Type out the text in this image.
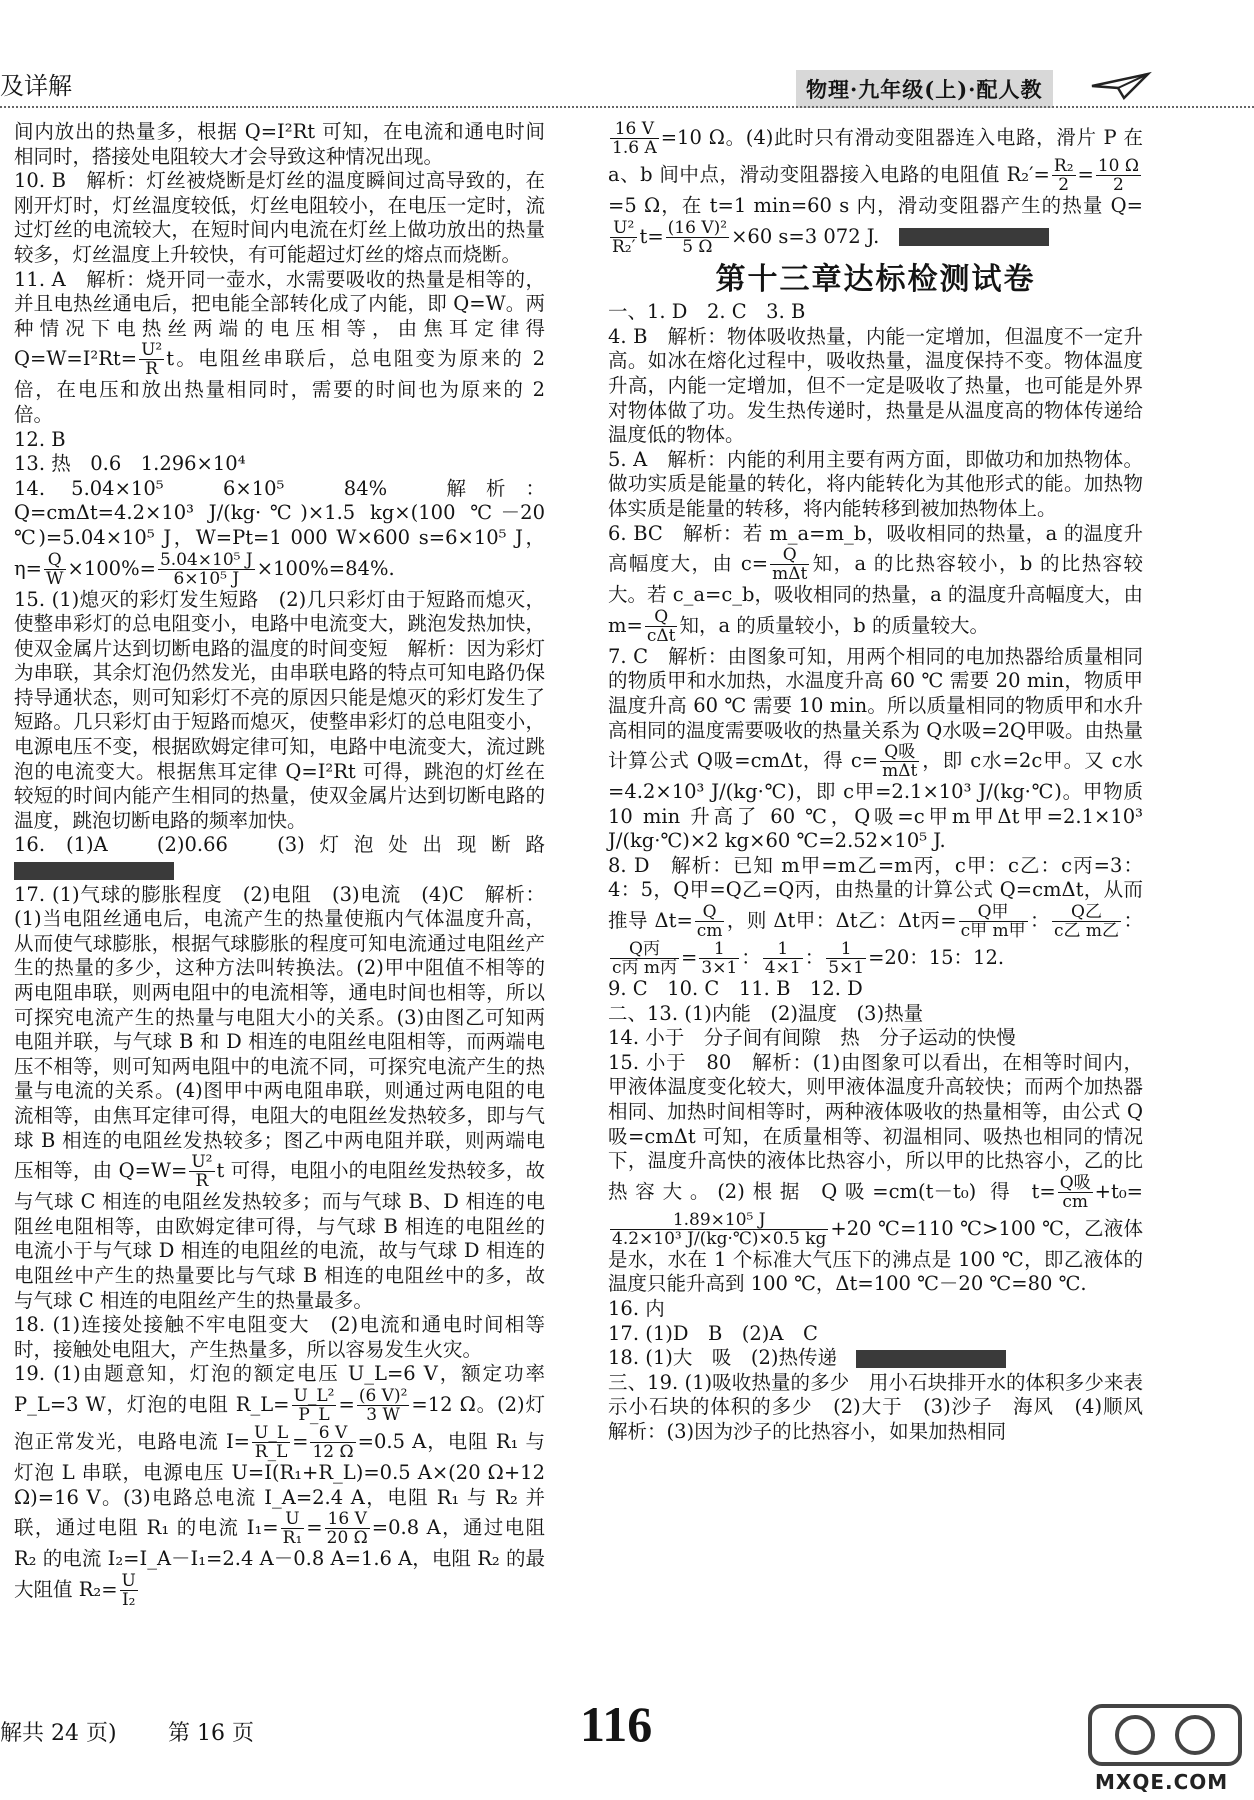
及详解	物理·九年级(上)·配人教

间内放出的热量多，根据 Q=I²Rt 可知，在电流和通电时间相同时，搭接处电阻较大才会导致这种情况出现。

10. B　解析：灯丝被烧断是灯丝的温度瞬间过高导致的，在刚开灯时，灯丝温度较低，灯丝电阻较小，在电压一定时，流过灯丝的电流较大，在短时间内电流在灯丝上做功放出的热量较多，灯丝温度上升较快，有可能超过灯丝的熔点而烧断。

11. A　解析：烧开同一壶水，水需要吸收的热量是相等的，并且电热丝通电后，把电能全部转化成了内能，即 Q=W。两种情况下电热丝两端的电压相等，由焦耳定律得 $Q=W=I^2Rt= \frac{\text{U²}}{R}$ t。电阻丝串联后，总电阻变为原来的 2 倍，在电压和放出热量相同时，需要的时间也为原来的 2 倍。

12. B

13. 热　0.6　1.296×10⁴

14. 5.04×10⁵　6×10⁵　84%　解析：Q=cmΔt=4.2×10³ J/(kg·℃)×1.5 kg×(100 ℃－20 ℃)=5.04×10⁵ J，W=Pt=1 000 W×600 s=6×10⁵ J，$\eta= \frac{Q}{W} \times 100\%= \frac{\text{5.04×10⁵ J}}{\text{6×10⁵ J}} \times 100\%=84\%$.

15. (1)熄灭的彩灯发生短路　(2)几只彩灯由于短路而熄灭，使整串彩灯的总电阻变小，电路中电流变大，跳泡发热加快，使双金属片达到切断电路的温度的时间变短　解析：因为彩灯为串联，其余灯泡仍然发光，由串联电路的特点可知电路仍保持导通状态，则可知彩灯不亮的原因只能是熄灭的彩灯发生了短路。几只彩灯由于短路而熄灭，使整串彩灯的总电阻变小，电源电压不变，根据欧姆定律可知，电路中电流变大，流过跳泡的电流变大。根据焦耳定律 Q=I²Rt 可得，跳泡的灯丝在较短的时间内能产生相同的热量，使双金属片达到切断电路的温度，跳泡切断电路的频率加快。

16. (1)A　(2)0.66　(3)灯泡处出现断路　

17. (1)气球的膨胀程度　(2)电阻　(3)电流　(4)C　解析：(1)当电阻丝通电后，电流产生的热量使瓶内气体温度升高，从而使气球膨胀，根据气球膨胀的程度可知电流通过电阻丝产生的热量的多少，这种方法叫转换法。(2)甲中阻值不相等的两电阻串联，则两电阻中的电流相等，通电时间也相等，所以可探究电流产生的热量与电阻大小的关系。(3)由图乙可知两电阻并联，与气球 B 和 D 相连的电阻丝电阻相等，而两端电压不相等，则可知两电阻中的电流不同，可探究电流产生的热量与电流的关系。(4)图甲中两电阻串联，则通过两电阻的电流相等，由焦耳定律可得，电阻大的电阻丝发热较多，即与气球 B 相连的电阻丝发热较多；图乙中两电阻并联，则两端电压相等，由 $Q=W= \frac{\text{U²}}{R}$ t 可得，电阻小的电阻丝发热较多，故与气球 C 相连的电阻丝发热较多；而与气球 B、D 相连的电阻丝电阻相等，由欧姆定律可得，与气球 B 相连的电阻丝的电流小于与气球 D 相连的电阻丝的电流，故与气球 D 相连的电阻丝中产生的热量要比与气球 B 相连的电阻丝中的多，故与气球 C 相连的电阻丝产生的热量最多。

18. (1)连接处接触不牢电阻变大　(2)电流和通电时间相等时，接触处电阻大，产生热量多，所以容易发生火灾。

19. (1)由题意知，灯泡的额定电压 U_L=6 V，额定功率 P_L=3 W，灯泡的电阻 R_L= $\frac{\text{U\_L²}}{P\_L} = \frac{\text{(6 V)²}}{3 W} =12$ Ω。(2)灯泡正常发光，电路电流 $I= \frac{U\_L}{R\_L} = \frac{6 V}{12 \Omega} =0.5$ A，电阻 R₁ 与灯泡 L 串联，电源电压 U=I(R₁+R_L)=0.5 A×(20 Ω+12 Ω)=16 V。(3)电路总电流 I_A=2.4 A，电阻 R₁ 与 R₂ 并联，通过电阻 R₁ 的电流 $I_1= \frac{U}{\text{R₁}} = \frac{16 V}{20 \Omega} =0.8$ A，通过电阻 R₂ 的电流 I₂=I_A－I₁=2.4 A－0.8 A=1.6 A，电阻 R₂ 的最大阻值 $R_2= \frac{U}{\text{I₂}}$

$\frac{16 V}{1.6 A} =10$ Ω。(4)此时只有滑动变阻器连入电路，滑片 P 在 a、b 间中点，滑动变阻器接入电路的电阻值 $R_2'= \frac{\text{R₂}}{2} = \frac{10 \Omega}{2}$
=5 Ω，在 t=1 min=60 s 内，滑动变阻器产生的热量 Q=
$\frac{\text{U²}}{\text{R₂′}} t= \frac{\text{(16 V)²}}{5 \Omega} \times 60$ s=3 072 J.　

第十三章达标检测试卷

一、1. D　2. C　3. B

4. B　解析：物体吸收热量，内能一定增加，但温度不一定升高。如冰在熔化过程中，吸收热量，温度保持不变。物体温度升高，内能一定增加，但不一定是吸收了热量，也可能是外界对物体做了功。发生热传递时，热量是从温度高的物体传递给温度低的物体。

5. A　解析：内能的利用主要有两方面，即做功和加热物体。做功实质是能量的转化，将内能转化为其他形式的能。加热物体实质是能量的转移，将内能转移到被加热物体上。

6. BC　解析：若 m_a=m_b，吸收相同的热量，a 的温度升高幅度大，由 $c= \frac{Q}{\text{mΔt}}$ 知，a 的比热容较小，b 的比热容较大。若 c_a=c_b，吸收相同的热量，a 的温度升高幅度大，由 $m= \frac{Q}{\text{cΔt}}$ 知，a 的质量较小，b 的质量较大。

7. C　解析：由图象可知，用两个相同的电加热器给质量相同的物质甲和水加热，水温度升高 60 ℃ 需要 20 min，物质甲温度升高 60 ℃ 需要 10 min。所以质量相同的物质甲和水升高相同的温度需要吸收的热量关系为 Q水吸=2Q甲吸。由热量计算公式 Q吸=cmΔt，得 $c= \frac{\text{Q吸}}{\text{mΔt}}$ ，即 c水=2c甲。又 c水=4.2×10³ J/(kg·℃)，即 c甲=2.1×10³ J/(kg·℃)。甲物质 10 min 升高了 60 ℃，Q吸=c甲m甲Δt甲=2.1×10³ J/(kg·℃)×2 kg×60 ℃=2.52×10⁵ J.

8. D　解析：已知 m甲=m乙=m丙，c甲：c乙：c丙=3：4：5，Q甲=Q乙=Q丙，由热量的计算公式 Q=cmΔt，从而推导 $\Delta t= \frac{Q}{cm}$ ，则 Δt甲：Δt乙：Δt丙= $\frac{\text{Q甲}}{\text{c甲 m甲}}$ ： $\frac{\text{Q乙}}{\text{c乙 m乙}}$ ：
$\frac{\text{Q丙}}{\text{c丙 m丙}} = \frac{1}{3\times 1}$ ： $\frac{1}{4\times 1}$ ： $\frac{1}{5\times 1} =20$：15：12.

9. C　10. C　11. B　12. D

二、13. (1)内能　(2)温度　(3)热量

14. 小于　分子间有间隙　热　分子运动的快慢

15. 小于　80　解析：(1)由图象可以看出，在相等时间内，甲液体温度变化较大，则甲液体温度升高较快；而两个加热器相同、加热时间相等时，两种液体吸收的热量相等，由公式 Q吸=cmΔt 可知，在质量相等、初温相同、吸热也相同的情况下，温度升高快的液体比热容小，所以甲的比热容小，乙的比热容大。(2)根据 Q吸=cm(t－t₀) 得 $t= \frac{\text{Q吸}}{cm} +t_0=$
$\frac{\text{1.89×10⁵ J}}{\text{4.2×10³ J/(kg·℃)×0.5 kg}} +20$ ℃=110 ℃>100 ℃，乙液体是水，水在 1 个标准大气压下的沸点是 100 ℃，即乙液体的温度只能升高到 100 ℃，Δt=100 ℃－20 ℃=80 ℃.

16. 内

17. (1)D　B　(2)A　C

18. (1)大　吸　(2)热传递　

三、19. (1)吸收热量的多少　用小石块排开水的体积多少来表示小石块的体积的多少　(2)大于　(3)沙子　海风　(4)顺风　解析：(3)因为沙子的比热容小，如果加热相同

解共 24 页) 第 16 页	116
MXQE.COM
